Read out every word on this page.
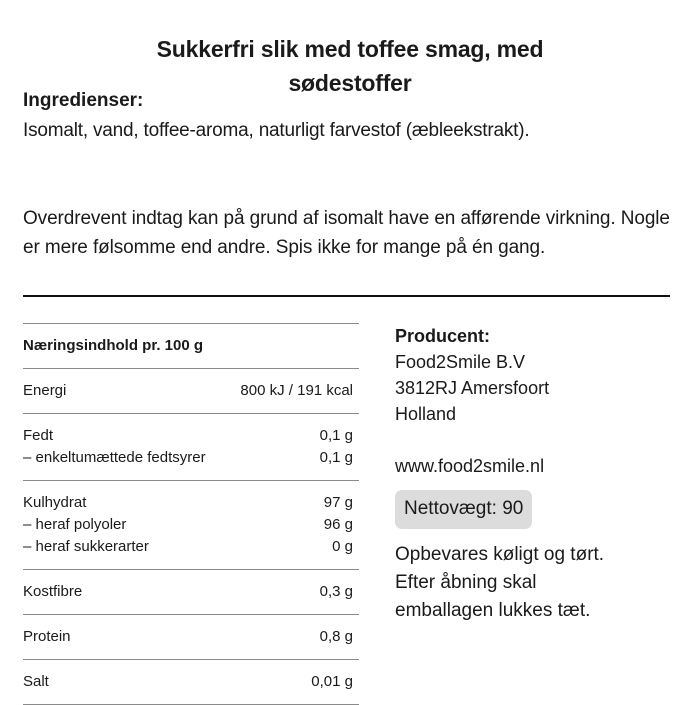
Sukkerfri slik med toffee smag, med
sødestoffer
Ingredienser:
Isomalt, vand, toffee-aroma, naturligt farvestof (æbleekstrakt).
Overdrevent indtag kan på grund af isomalt have en afførende virkning. Nogle er mere følsomme end andre. Spis ikke for mange på én gang.
Næringsindhold pr. 100 g
Energi	800 kJ / 191 kcal
Fedt	0,1 g
– enkeltumættede fedtsyrer	0,1 g
Kulhydrat	97 g
– heraf polyoler	96 g
– heraf sukkerarter	0 g
Kostfibre	0,3 g
Protein	0,8 g
Salt	0,01 g
Producent:
Food2Smile B.V
3812RJ Amersfoort
Holland
www.food2smile.nl
Nettovægt: 90
Opbevares køligt og tørt.
Efter åbning skal
emballagen lukkes tæt.
